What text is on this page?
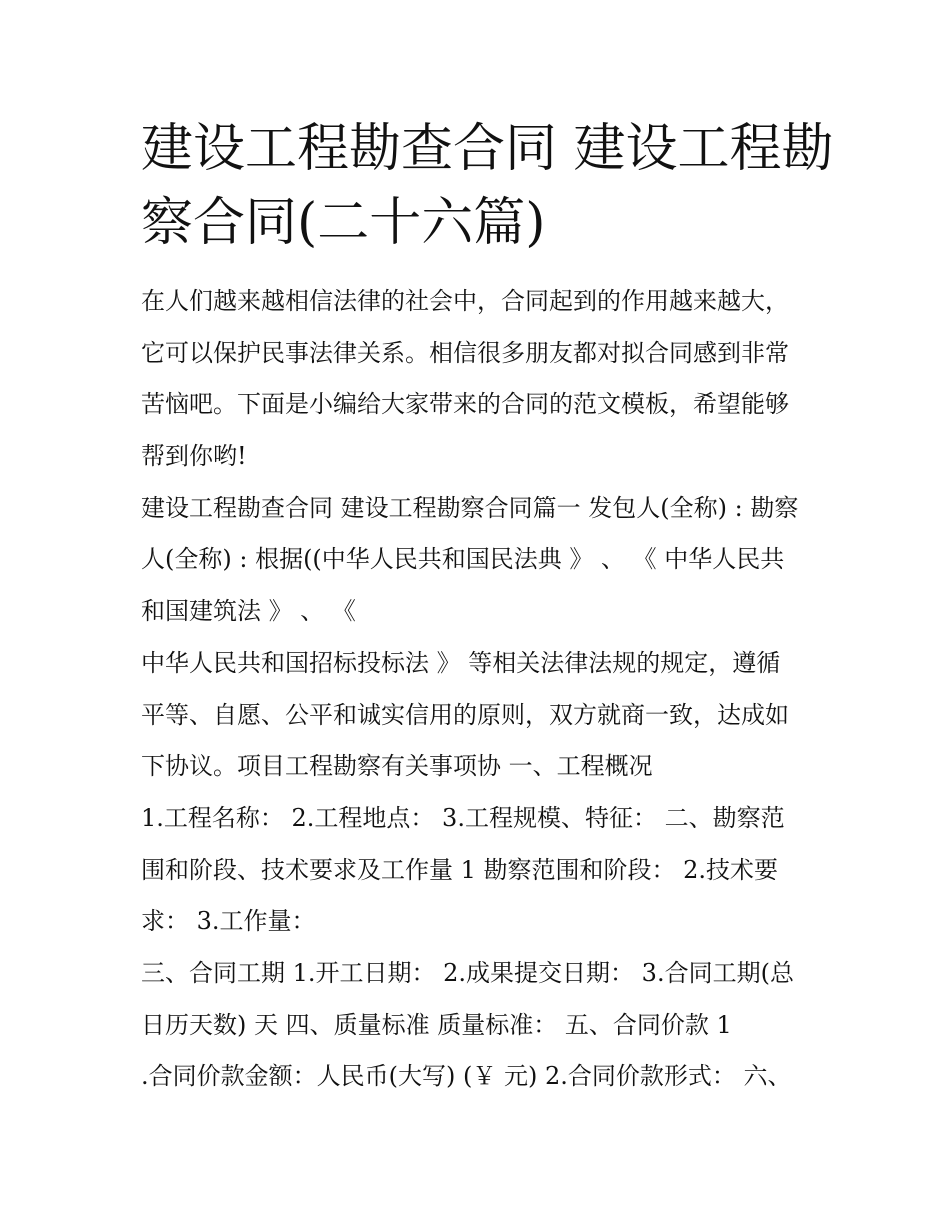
建设工程勘查合同 建设工程勘
察合同(二十六篇)
在人们越来越相信法律的社会中，合同起到的作用越来越大，
它可以保护民事法律关系。相信很多朋友都对拟合同感到非常
苦恼吧。下面是小编给大家带来的合同的范文模板，希望能够
帮到你哟!
建设工程勘查合同 建设工程勘察合同篇一 发包人(全称) : 勘察
人(全称) : 根据((中华人民共和国民法典 》 、 《 中华人民共
和国建筑法 》 、 《
中华人民共和国招标投标法 》 等相关法律法规的规定，遵循
平等、自愿、公平和诚实信用的原则，双方就商一致，达成如
下协议。项目工程勘察有关事项协 一、工程概况
1.工程名称： 2.工程地点： 3.工程规模、特征： 二、勘察范
围和阶段、技术要求及工作量 1 勘察范围和阶段： 2.技术要
求： 3.工作量：
三、合同工期 1.开工日期： 2.成果提交日期： 3.合同工期(总
日历天数) 天 四、质量标准 质量标准： 五、合同价款 1
.合同价款金额：人民币(大写) (￥ 元) 2.合同价款形式： 六、
